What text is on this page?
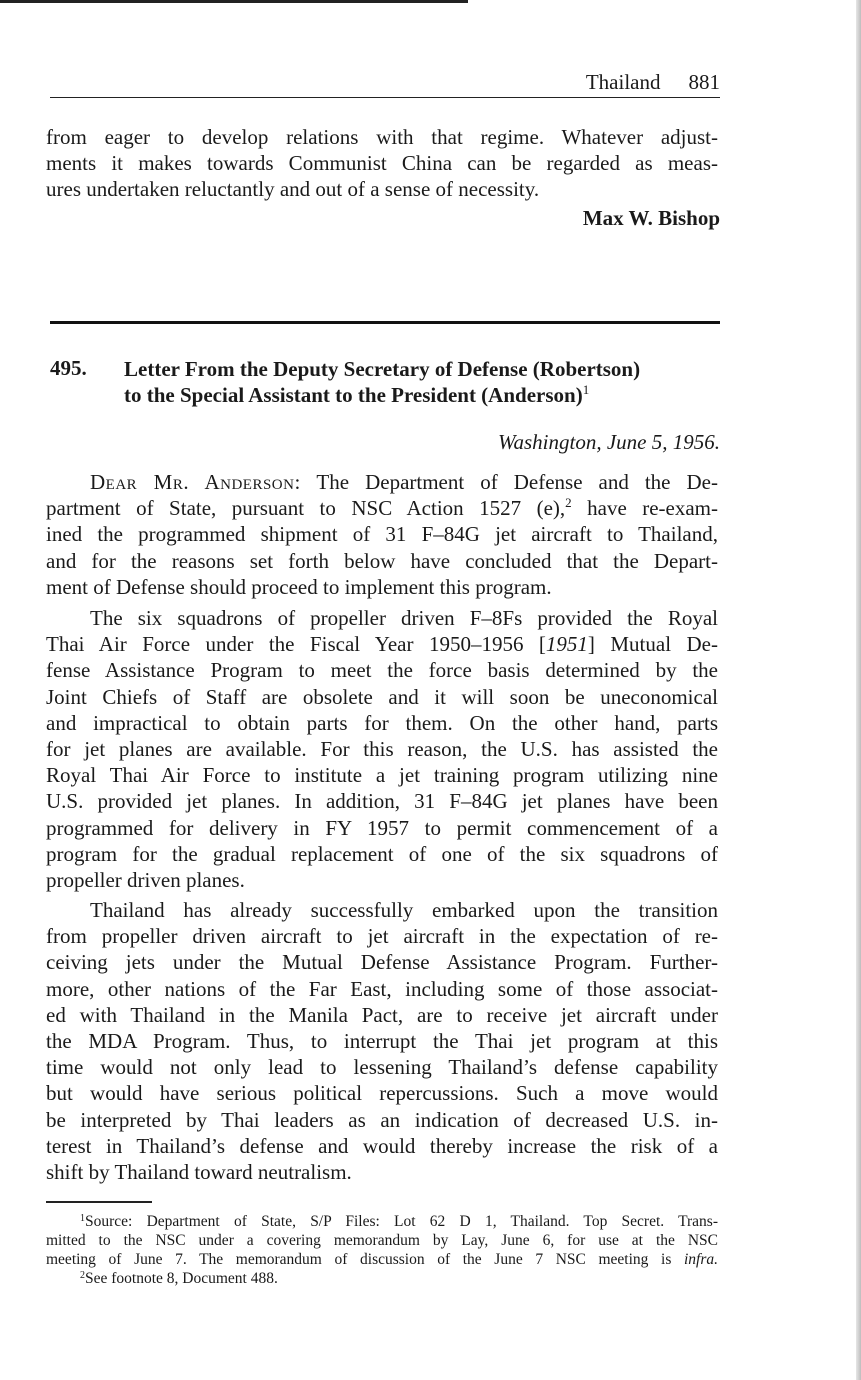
Thailand 881
from eager to develop relations with that regime. Whatever adjust-
ments it makes towards Communist China can be regarded as meas-
ures undertaken reluctantly and out of a sense of necessity.
Max W. Bishop
495. Letter From the Deputy Secretary of Defense (Robertson)
to the Special Assistant to the President (Anderson)$^1$
Washington, June 5, 1956.
Dear Mr. Anderson: The Department of Defense and the De-
partment of State, pursuant to NSC Action 1527 (e),$^2$ have re-exam-
ined the programmed shipment of 31 F–84G jet aircraft to Thailand,
and for the reasons set forth below have concluded that the Depart-
ment of Defense should proceed to implement this program.
The six squadrons of propeller driven F–8Fs provided the Royal
Thai Air Force under the Fiscal Year 1950–1956 [1951] Mutual De-
fense Assistance Program to meet the force basis determined by the
Joint Chiefs of Staff are obsolete and it will soon be uneconomical
and impractical to obtain parts for them. On the other hand, parts
for jet planes are available. For this reason, the U.S. has assisted the
Royal Thai Air Force to institute a jet training program utilizing nine
U.S. provided jet planes. In addition, 31 F–84G jet planes have been
programmed for delivery in FY 1957 to permit commencement of a
program for the gradual replacement of one of the six squadrons of
propeller driven planes.
Thailand has already successfully embarked upon the transition
from propeller driven aircraft to jet aircraft in the expectation of re-
ceiving jets under the Mutual Defense Assistance Program. Further-
more, other nations of the Far East, including some of those associat-
ed with Thailand in the Manila Pact, are to receive jet aircraft under
the MDA Program. Thus, to interrupt the Thai jet program at this
time would not only lead to lessening Thailand’s defense capability
but would have serious political repercussions. Such a move would
be interpreted by Thai leaders as an indication of decreased U.S. in-
terest in Thailand’s defense and would thereby increase the risk of a
shift by Thailand toward neutralism.
$^1$Source: Department of State, S/P Files: Lot 62 D 1, Thailand. Top Secret. Trans-
mitted to the NSC under a covering memorandum by Lay, June 6, for use at the NSC
meeting of June 7. The memorandum of discussion of the June 7 NSC meeting is infra.
$^2$See footnote 8, Document 488.
